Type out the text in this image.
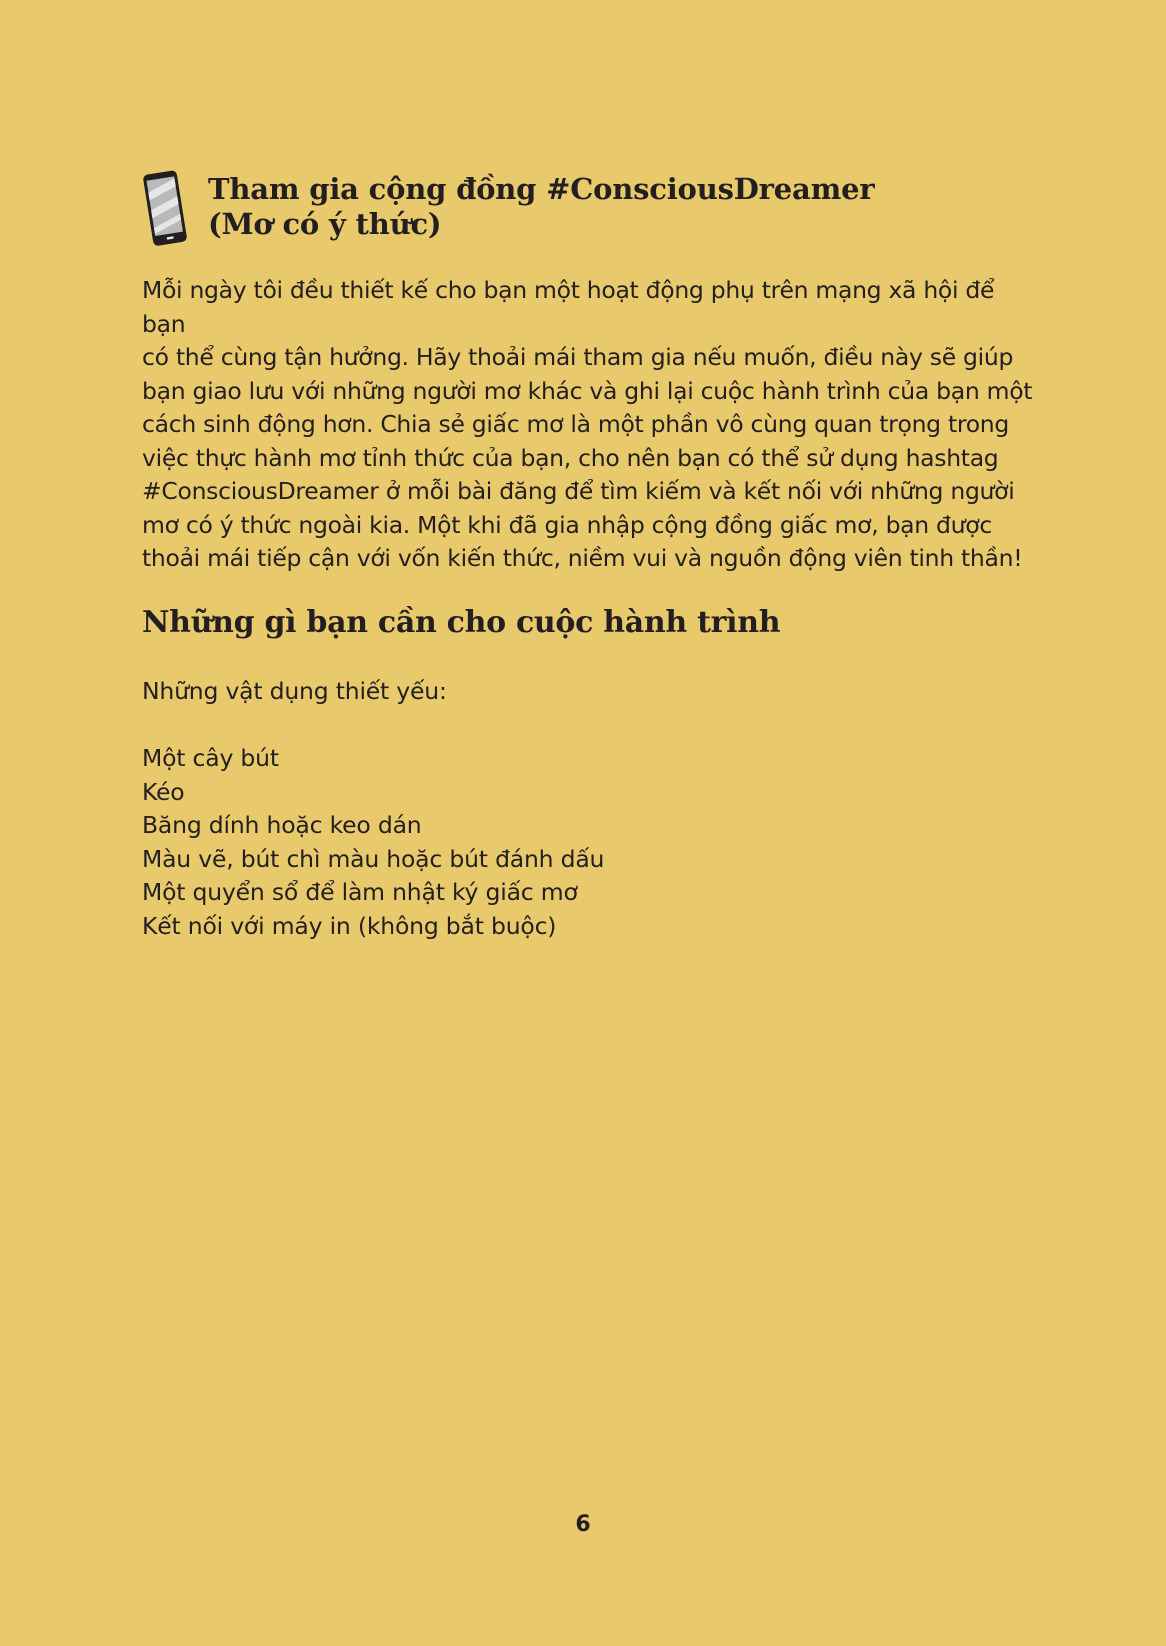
Tham gia cộng đồng #ConsciousDreamer
(Mơ có ý thức)

Mỗi ngày tôi đều thiết kế cho bạn một hoạt động phụ trên mạng xã hội để bạn
có thể cùng tận hưởng. Hãy thoải mái tham gia nếu muốn, điều này sẽ giúp
bạn giao lưu với những người mơ khác và ghi lại cuộc hành trình của bạn một
cách sinh động hơn. Chia sẻ giấc mơ là một phần vô cùng quan trọng trong
việc thực hành mơ tỉnh thức của bạn, cho nên bạn có thể sử dụng hashtag
#ConsciousDreamer ở mỗi bài đăng để tìm kiếm và kết nối với những người
mơ có ý thức ngoài kia. Một khi đã gia nhập cộng đồng giấc mơ, bạn được
thoải mái tiếp cận với vốn kiến thức, niềm vui và nguồn động viên tinh thần!

Những gì bạn cần cho cuộc hành trình

Những vật dụng thiết yếu:

Một cây bút
Kéo
Băng dính hoặc keo dán
Màu vẽ, bút chì màu hoặc bút đánh dấu
Một quyển sổ để làm nhật ký giấc mơ
Kết nối với máy in (không bắt buộc)
6
